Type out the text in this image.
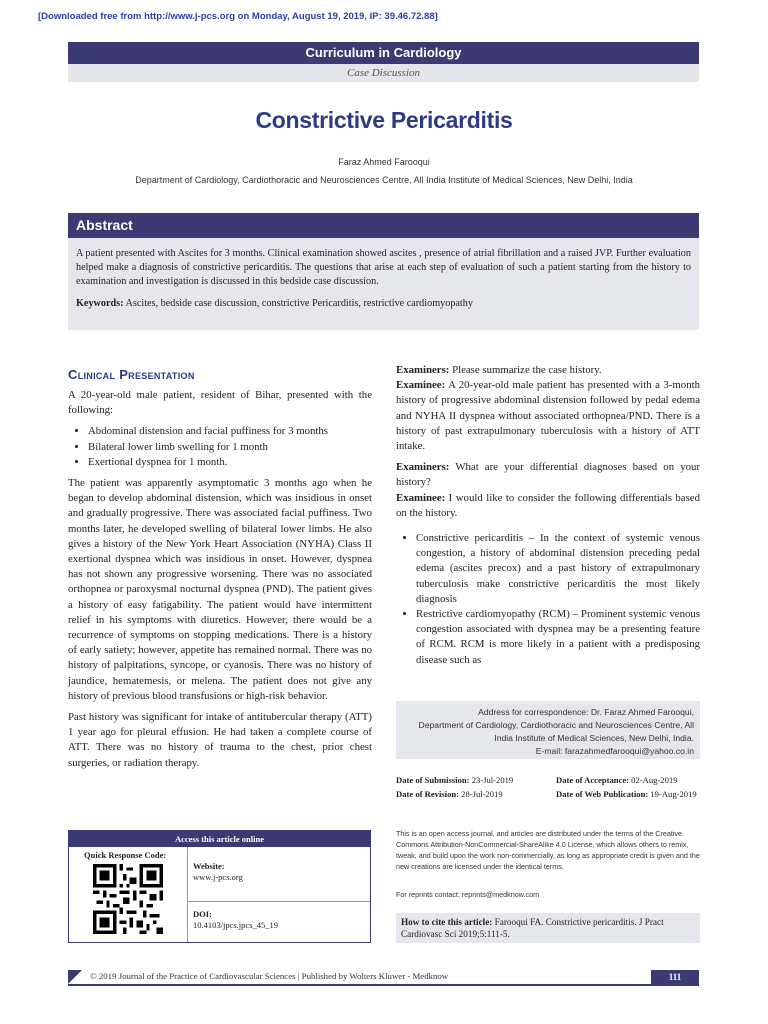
[Downloaded free from http://www.j-pcs.org on Monday, August 19, 2019, IP: 39.46.72.88]
Curriculum in Cardiology
Case Discussion
Constrictive Pericarditis
Faraz Ahmed Farooqui
Department of Cardiology, Cardiothoracic and Neurosciences Centre, All India Institute of Medical Sciences, New Delhi, India
Abstract

A patient presented with Ascites for 3 months. Clinical examination showed ascites , presence of atrial fibrillation and a raised JVP. Further evaluation helped make a diagnosis of constrictive pericarditis. The questions that arise at each step of evaluation of such a patient starting from the history to examination and investigation is discussed in this bedside case discussion.

Keywords: Ascites, bedside case discussion, constrictive Pericarditis, restrictive cardiomyopathy

Clinical Presentation

A 20-year-old male patient, resident of Bihar, presented with the following:

• Abdominal distension and facial puffiness for 3 months
• Bilateral lower limb swelling for 1 month
• Exertional dyspnea for 1 month.

The patient was apparently asymptomatic 3 months ago when he began to develop abdominal distension, which was insidious in onset and gradually progressive. There was associated facial puffiness. Two months later, he developed swelling of bilateral lower limbs. He also gives a history of the New York Heart Association (NYHA) Class II exertional dyspnea which was insidious in onset. However, dyspnea has not shown any progressive worsening. There was no associated orthopnea or paroxysmal nocturnal dyspnea (PND). The patient gives a history of easy fatigability. The patient would have intermittent relief in his symptoms with diuretics. However, there would be a recurrence of symptoms on stopping medications. There is a history of early satiety; however, appetite has remained normal. There was no history of palpitations, syncope, or cyanosis. There was no history of jaundice, hematemesis, or melena. The patient does not give any history of previous blood transfusions or high-risk behavior.

Past history was significant for intake of antitubercular therapy (ATT) 1 year ago for pleural effusion. He had taken a complete course of ATT. There was no history of trauma to the chest, prior chest surgeries, or radiation therapy.

Examiners: Please summarize the case history.

Examinee: A 20-year-old male patient has presented with a 3-month history of progressive abdominal distension followed by pedal edema and NYHA II dyspnea without associated orthopnea/PND. There is a history of past extrapulmonary tuberculosis with a history of ATT intake.

Examiners: What are your differential diagnoses based on your history?

Examinee: I would like to consider the following differentials based on the history.

• Constrictive pericarditis – In the context of systemic venous congestion, a history of abdominal distension preceding pedal edema (ascites precox) and a past history of extrapulmonary tuberculosis make constrictive pericarditis the most likely diagnosis
• Restrictive cardiomyopathy (RCM) – Prominent systemic venous congestion associated with dyspnea may be a presenting feature of RCM. RCM is more likely in a patient with a predisposing disease such as
Address for correspondence: Dr. Faraz Ahmed Farooqui,
Department of Cardiology, Cardiothoracic and Neurosciences Centre, All
India Institute of Medical Sciences, New Delhi, India.
E-mail: farazahmedfarooqui@yahoo.co.in
Date of Submission: 23-Jul-2019	Date of Acceptance: 02-Aug-2019
Date of Revision: 28-Jul-2019	Date of Web Publication: 19-Aug-2019
This is an open access journal, and articles are distributed under the terms of the Creative Commons Attribution-NonCommercial-ShareAlike 4.0 License, which allows others to remix, tweak, and build upon the work non-commercially, as long as appropriate credit is given and the new creations are licensed under the identical terms.
For reprints contact: reprints@medknow.com
How to cite this article: Farooqui FA. Constrictive pericarditis. J Pract Cardiovasc Sci 2019;5:111-5.
Access this article online
Quick Response Code:
Website:
www.j-pcs.org
DOI:
10.4103/jpcs.jpcs_45_19
© 2019 Journal of the Practice of Cardiovascular Sciences | Published by Wolters Kluwer - Medknow	111
